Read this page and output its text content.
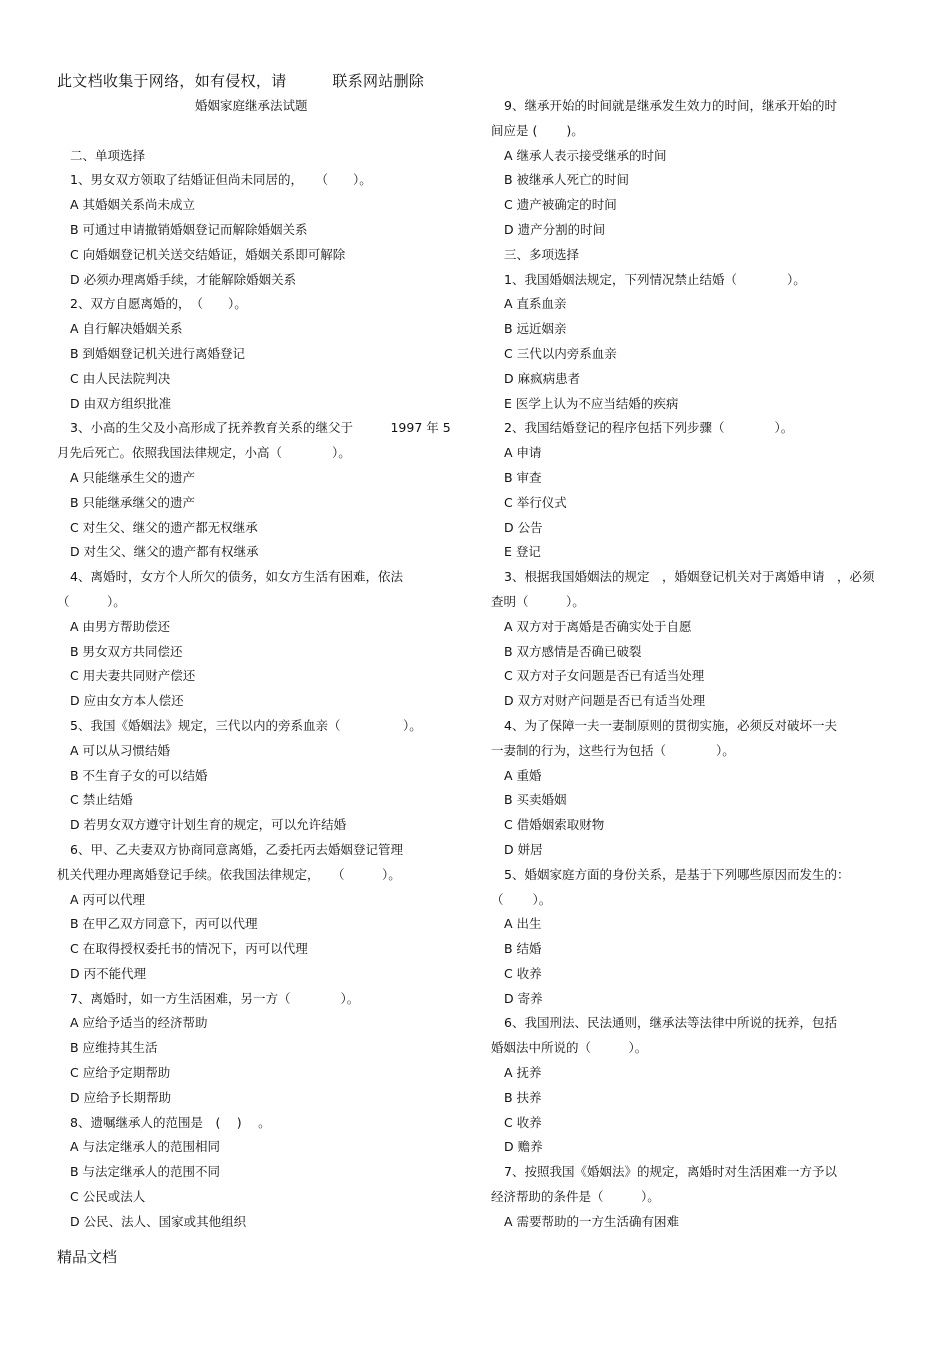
此文档收集于网络，如有侵权，请　　　联系网站删除
婚姻家庭继承法试题
二、单项选择
1、男女双方领取了结婚证但尚未同居的，　　（　　）。
A 其婚姻关系尚未成立
B 可通过申请撤销婚姻登记而解除婚姻关系
C 向婚姻登记机关送交结婚证，婚姻关系即可解除
D 必须办理离婚手续，才能解除婚姻关系
2、双方自愿离婚的，　（　　）。
A 自行解决婚姻关系
B 到婚姻登记机关进行离婚登记
C 由人民法院判决
D 由双方组织批准
3、小高的生父及小高形成了抚养教育关系的继父于　　　1997 年 5
月先后死亡。依照我国法律规定，小高（　　　　）。
A 只能继承生父的遗产
B 只能继承继父的遗产
C 对生父、继父的遗产都无权继承
D 对生父、继父的遗产都有权继承
4、离婚时，女方个人所欠的债务，如女方生活有困难，依法
（　　　）。
A 由男方帮助偿还
B 男女双方共同偿还
C 用夫妻共同财产偿还
D 应由女方本人偿还
5、我国《婚姻法》规定，三代以内的旁系血亲（　　　　　）。
A 可以从习惯结婚
B 不生育子女的可以结婚
C 禁止结婚
D 若男女双方遵守计划生育的规定，可以允许结婚
6、甲、乙夫妻双方协商同意离婚，乙委托丙去婚姻登记管理
机关代理办理离婚登记手续。依我国法律规定，　　（　　　）。
A 丙可以代理
B 在甲乙双方同意下，丙可以代理
C 在取得授权委托书的情况下，丙可以代理
D 丙不能代理
7、离婚时，如一方生活困难，另一方（　　　　）。
A 应给予适当的经济帮助
B 应维持其生活
C 应给予定期帮助
D 应给予长期帮助
8、遗嘱继承人的范围是　(　 )　 。
A 与法定继承人的范围相同
B 与法定继承人的范围不同
C 公民或法人
D 公民、法人、国家或其他组织
9、继承开始的时间就是继承发生效力的时间，继承开始的时
间应是 (　　 )。
A 继承人表示接受继承的时间
B 被继承人死亡的时间
C 遗产被确定的时间
D 遗产分割的时间
三、多项选择
1、我国婚姻法规定，下列情况禁止结婚（　　　　）。
A 直系血亲
B 远近姻亲
C 三代以内旁系血亲
D 麻疯病患者
E 医学上认为不应当结婚的疾病
2、我国结婚登记的程序包括下列步骤（　　　　）。
A 申请
B 审查
C 举行仪式
D 公告
E 登记
3、根据我国婚姻法的规定　，婚姻登记机关对于离婚申请　，必须
查明（　　　）。
A 双方对于离婚是否确实处于自愿
B 双方感情是否确已破裂
C 双方对子女问题是否已有适当处理
D 双方对财产问题是否已有适当处理
4、为了保障一夫一妻制原则的贯彻实施，必须反对破坏一夫
一妻制的行为，这些行为包括（　　　　）。
A 重婚
B 买卖婚姻
C 借婚姻索取财物
D 姘居
5、婚姻家庭方面的身份关系，是基于下列哪些原因而发生的：
（　　 ）。
A 出生
B 结婚
C 收养
D 寄养
6、我国刑法、民法通则，继承法等法律中所说的抚养，包括
婚姻法中所说的（　　　）。
A 抚养
B 扶养
C 收养
D 赡养
7、按照我国《婚姻法》的规定，离婚时对生活困难一方予以
经济帮助的条件是（　　　）。
A 需要帮助的一方生活确有困难
精品文档
